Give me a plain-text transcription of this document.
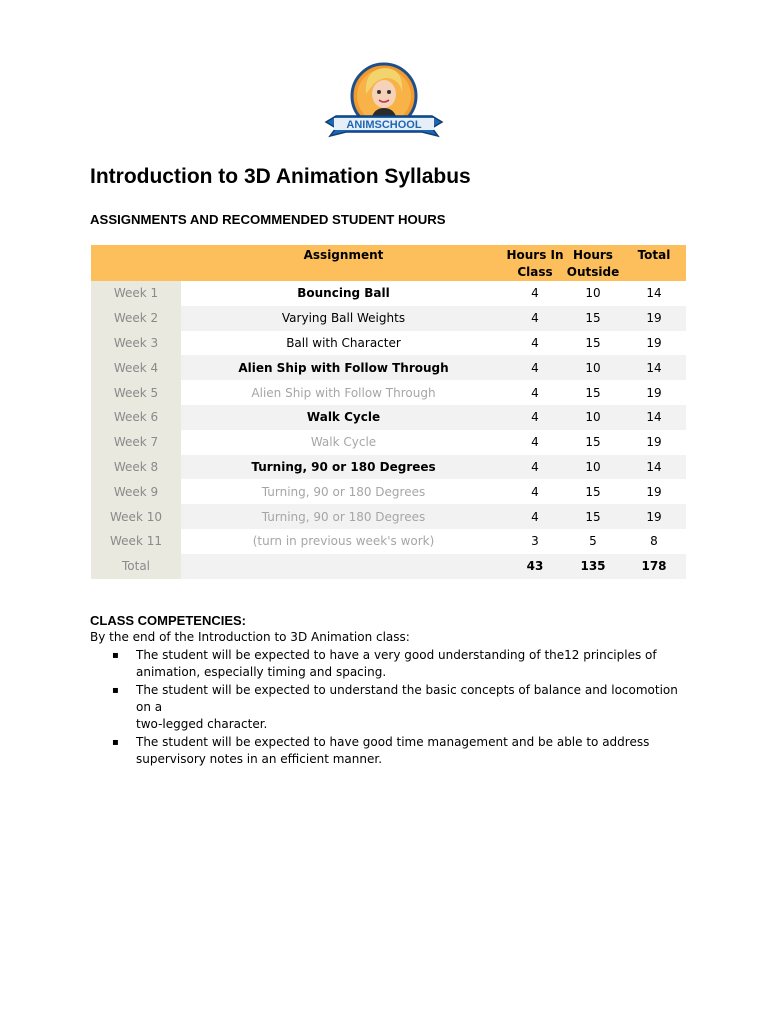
ANIMSCHOOL
Introduction to 3D Animation Syllabus
ASSIGNMENTS AND RECOMMENDED STUDENT HOURS
	Assignment	Hours In Class	Hours Outside	Total
Week 1	Bouncing Ball	4	10	14
Week 2	Varying Ball Weights	4	15	19
Week 3	Ball with Character	4	15	19
Week 4	Alien Ship with Follow Through	4	10	14
Week 5	Alien Ship with Follow Through	4	15	19
Week 6	Walk Cycle	4	10	14
Week 7	Walk Cycle	4	15	19
Week 8	Turning, 90 or 180 Degrees	4	10	14
Week 9	Turning, 90 or 180 Degrees	4	15	19
Week 10	Turning, 90 or 180 Degrees	4	15	19
Week 11	(turn in previous week's work)	3	5	8
Total		43	135	178
CLASS COMPETENCIES:
By the end of the Introduction to 3D Animation class:
▪ The student will be expected to have a very good understanding of the12 principles of
animation, especially timing and spacing.
▪ The student will be expected to understand the basic concepts of balance and locomotion on a
two-legged character.
▪ The student will be expected to have good time management and be able to address
supervisory notes in an efficient manner.
